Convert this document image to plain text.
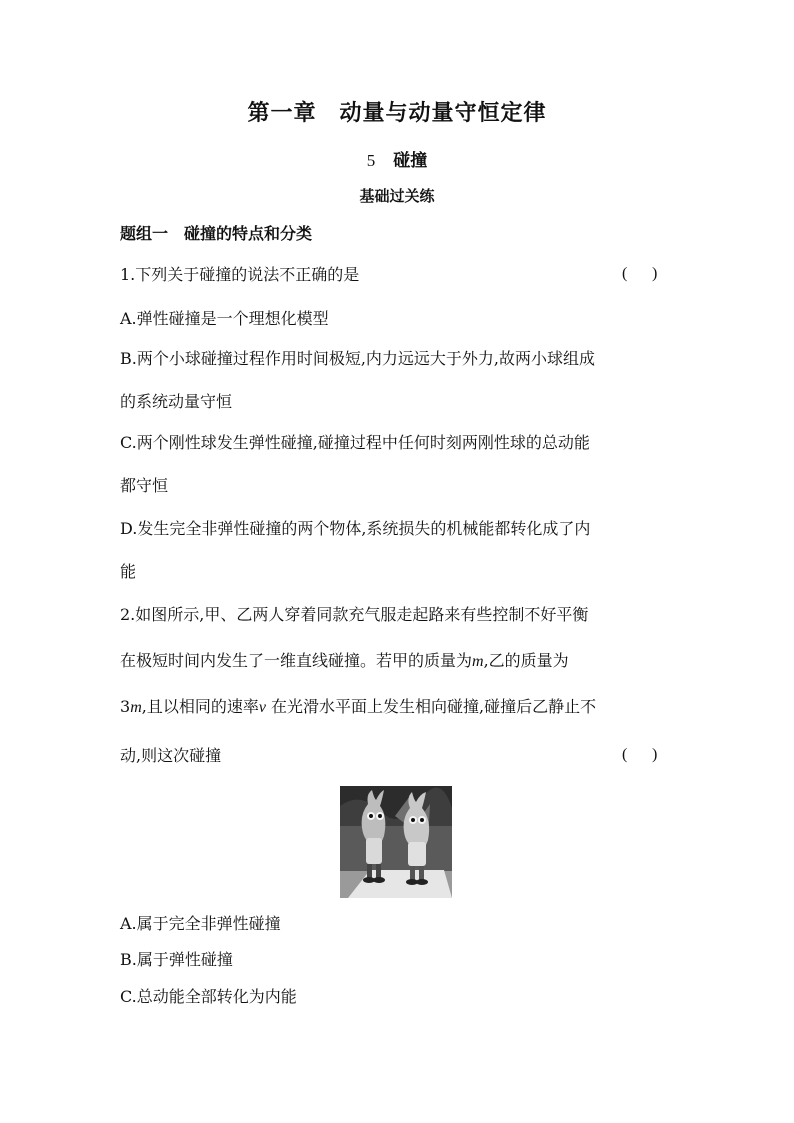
第一章　动量与动量守恒定律
5 碰撞
基础过关练
题组一　碰撞的特点和分类
1.下列关于碰撞的说法不正确的是	( )
A.弹性碰撞是一个理想化模型
B.两个小球碰撞过程作用时间极短,内力远远大于外力,故两小球组成
的系统动量守恒
C.两个刚性球发生弹性碰撞,碰撞过程中任何时刻两刚性球的总动能
都守恒
D.发生完全非弹性碰撞的两个物体,系统损失的机械能都转化成了内
能
2.如图所示,甲、乙两人穿着同款充气服走起路来有些控制不好平衡
在极短时间内发生了一维直线碰撞。若甲的质量为m,乙的质量为
3m,且以相同的速率v 在光滑水平面上发生相向碰撞,碰撞后乙静止不
动,则这次碰撞	( )
A.属于完全非弹性碰撞
B.属于弹性碰撞
C.总动能全部转化为内能
